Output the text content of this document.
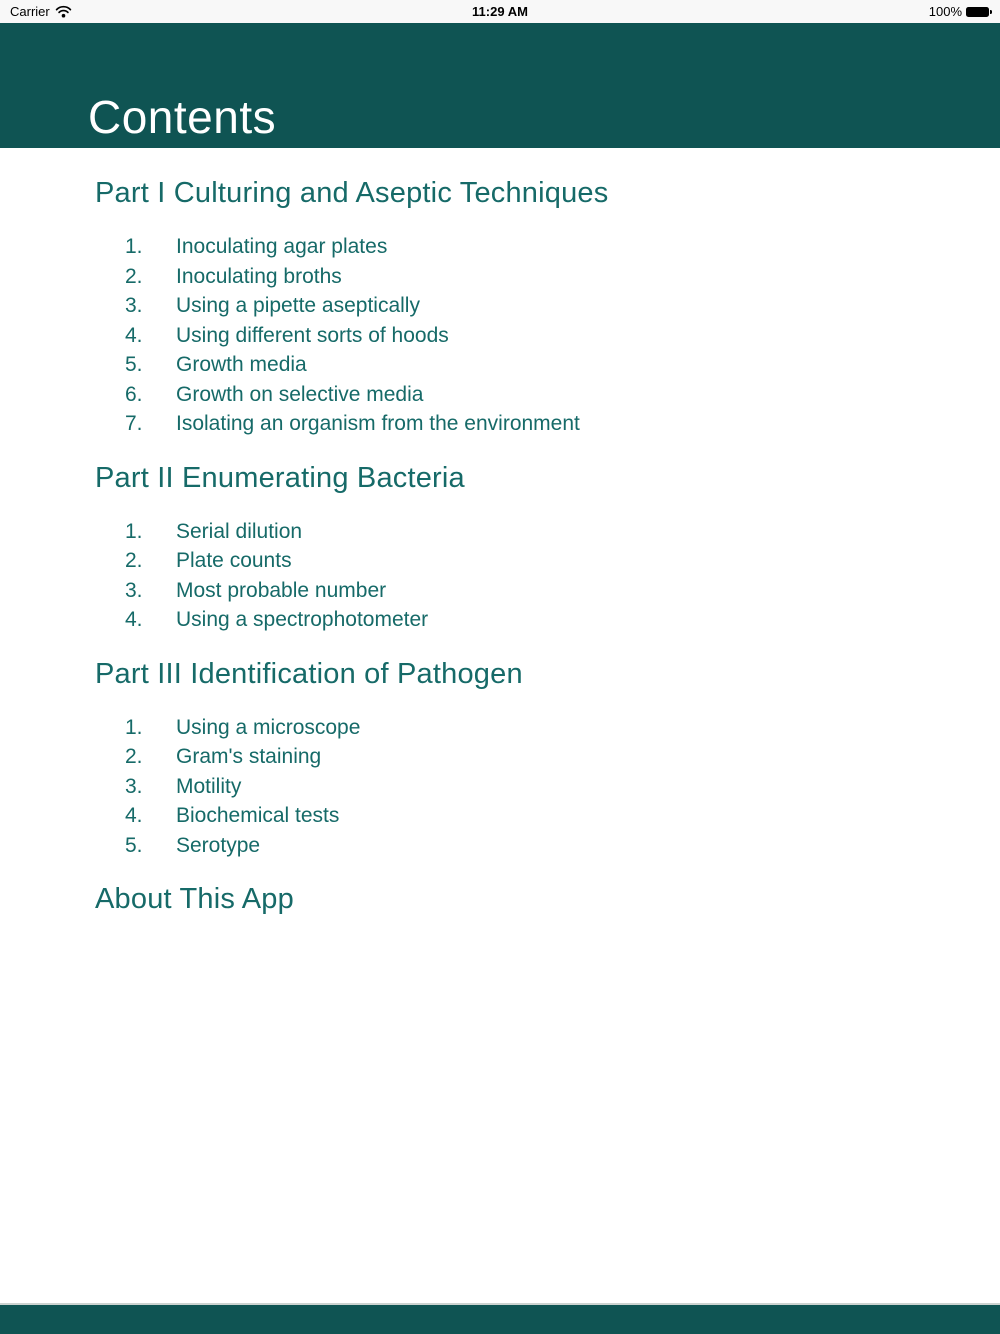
Carrier	11:29 AM	100%
Contents
Part I Culturing and Aseptic Techniques
1.	Inoculating agar plates
2.	Inoculating broths
3.	Using a pipette aseptically
4.	Using different sorts of hoods
5.	Growth media
6.	Growth on selective media
7.	Isolating an organism from the environment
Part II Enumerating Bacteria
1.	Serial dilution
2.	Plate counts
3.	Most probable number
4.	Using a spectrophotometer
Part III Identification of Pathogen
1.	Using a microscope
2.	Gram's staining
3.	Motility
4.	Biochemical tests
5.	Serotype
About This App
